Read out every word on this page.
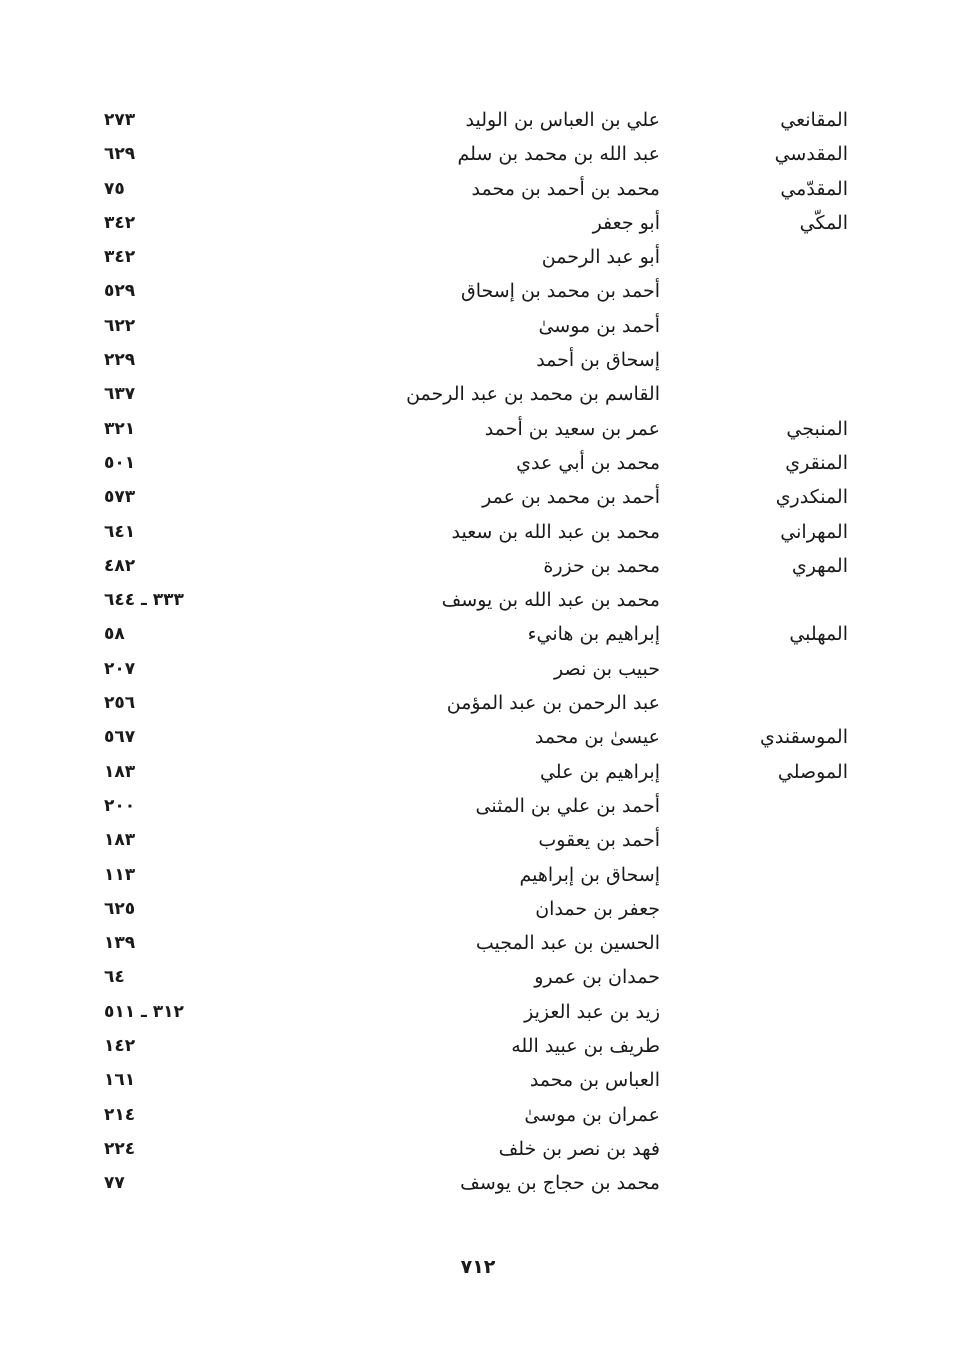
المقانعي
علي بن العباس بن الوليد
٢٧٣
المقدسي
عبد الله بن محمد بن سلم
٦٢٩
المقدّمي
محمد بن أحمد بن محمد
٧٥
المكّي
أبو جعفر
٣٤٢
أبو عبد الرحمن
٣٤٢
أحمد بن محمد بن إسحاق
٥٢٩
أحمد بن موسىٰ
٦٢٢
إسحاق بن أحمد
٢٢٩
القاسم بن محمد بن عبد الرحمن
٦٣٧
المنبجي
عمر بن سعيد بن أحمد
٣٢١
المنقري
محمد بن أبي عدي
٥٠١
المنكدري
أحمد بن محمد بن عمر
٥٧٣
المهراني
محمد بن عبد الله بن سعيد
٦٤١
المهري
محمد بن حزرة
٤٨٢
محمد بن عبد الله بن يوسف
٣٣٣ ـ ٦٤٤
المهلبي
إبراهيم بن هانيء
٥٨
حبيب بن نصر
٢٠٧
عبد الرحمن بن عبد المؤمن
٢٥٦
الموسقندي
عيسىٰ بن محمد
٥٦٧
الموصلي
إبراهيم بن علي
١٨٣
أحمد بن علي بن المثنى
٢٠٠
أحمد بن يعقوب
١٨٣
إسحاق بن إبراهيم
١١٣
جعفر بن حمدان
٦٢٥
الحسين بن عبد المجيب
١٣٩
حمدان بن عمرو
٦٤
زيد بن عبد العزيز
٣١٢ ـ ٥١١
طريف بن عبيد الله
١٤٢
العباس بن محمد
١٦١
عمران بن موسىٰ
٢١٤
فهد بن نصر بن خلف
٢٢٤
محمد بن حجاج بن يوسف
٧٧
٧١٢
